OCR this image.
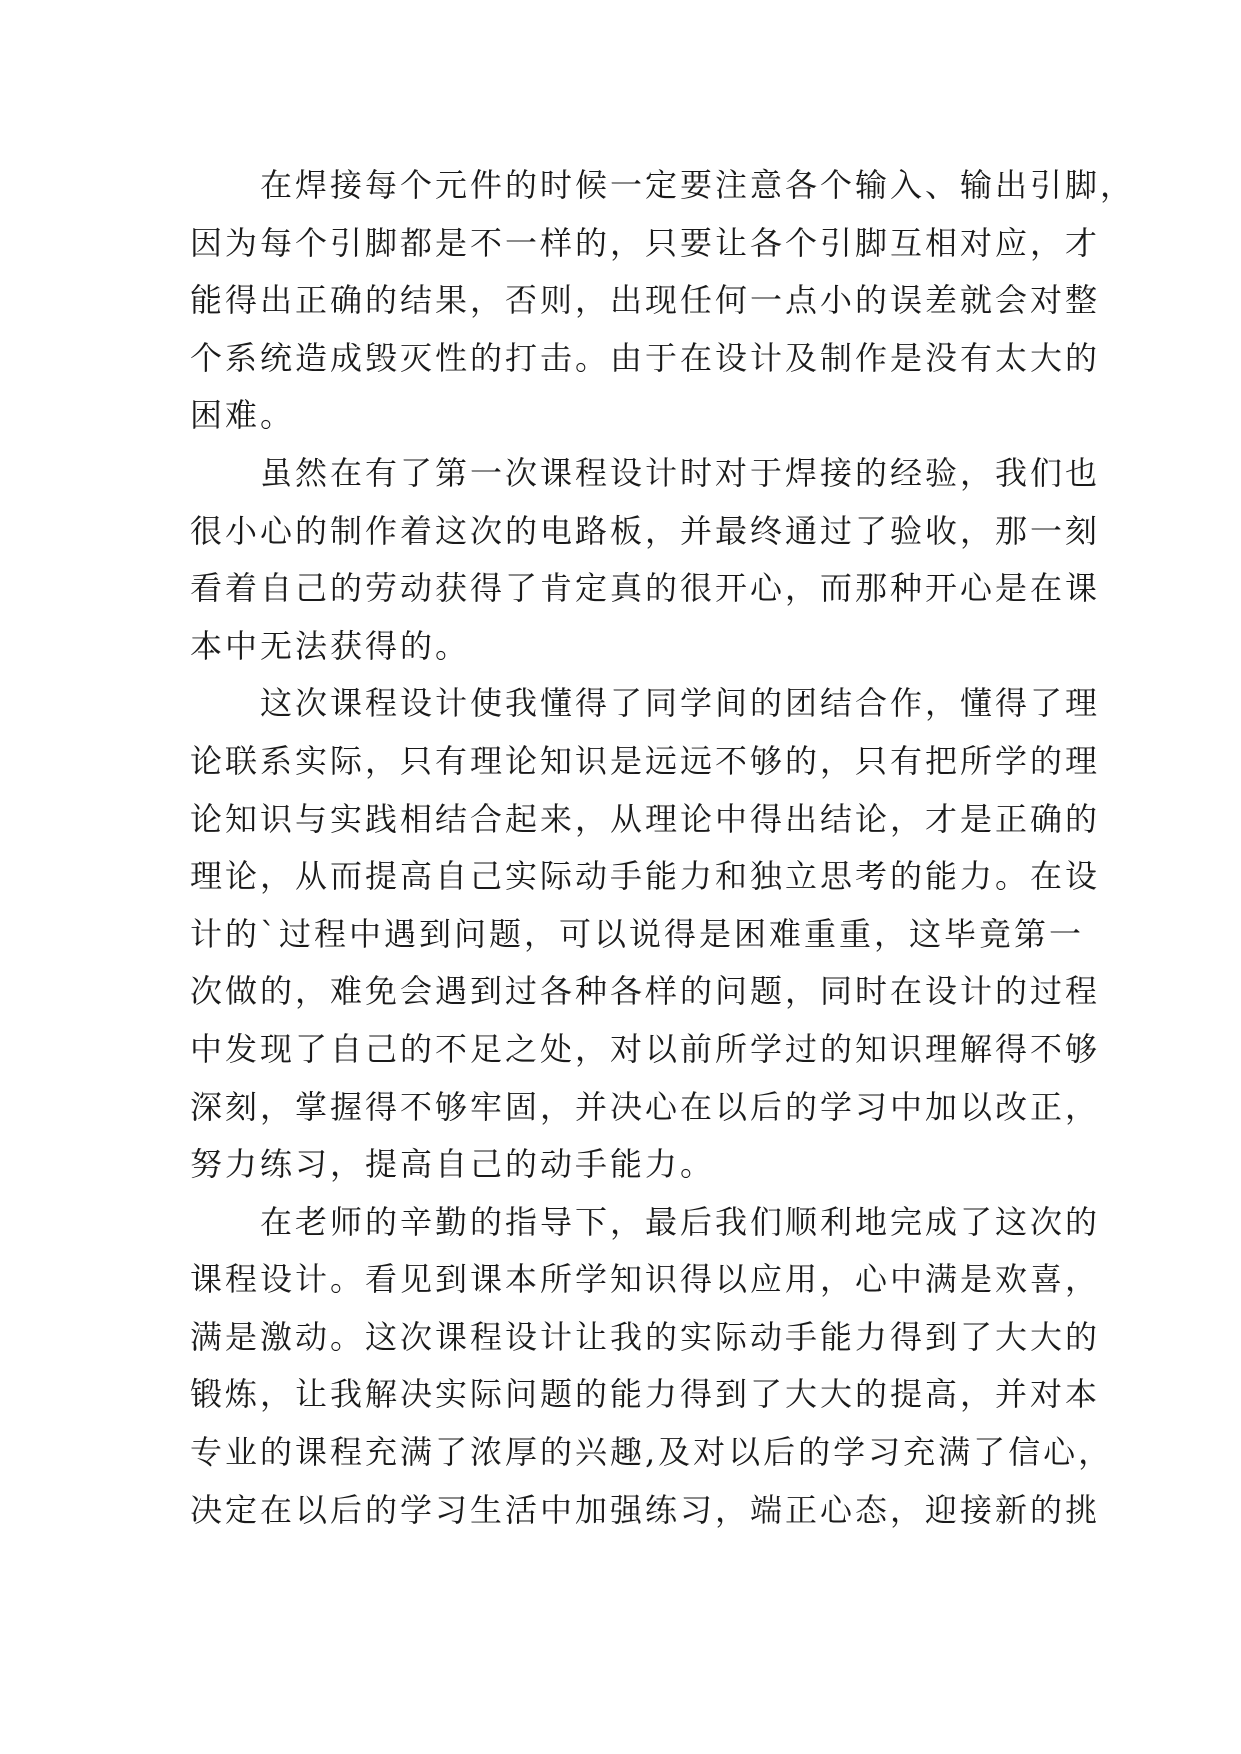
在焊接每个元件的时候一定要注意各个输入、输出引脚，
因为每个引脚都是不一样的，只要让各个引脚互相对应，才
能得出正确的结果，否则，出现任何一点小的误差就会对整
个系统造成毁灭性的打击。由于在设计及制作是没有太大的
困难。
虽然在有了第一次课程设计时对于焊接的经验，我们也
很小心的制作着这次的电路板，并最终通过了验收，那一刻
看着自己的劳动获得了肯定真的很开心，而那种开心是在课
本中无法获得的。
这次课程设计使我懂得了同学间的团结合作，懂得了理
论联系实际，只有理论知识是远远不够的，只有把所学的理
论知识与实践相结合起来，从理论中得出结论，才是正确的
理论，从而提高自己实际动手能力和独立思考的能力。在设
计的`过程中遇到问题，可以说得是困难重重，这毕竟第一
次做的，难免会遇到过各种各样的问题，同时在设计的过程
中发现了自己的不足之处，对以前所学过的知识理解得不够
深刻，掌握得不够牢固，并决心在以后的学习中加以改正，
努力练习，提高自己的动手能力。
在老师的辛勤的指导下，最后我们顺利地完成了这次的
课程设计。看见到课本所学知识得以应用，心中满是欢喜，
满是激动。这次课程设计让我的实际动手能力得到了大大的
锻炼，让我解决实际问题的能力得到了大大的提高，并对本
专业的课程充满了浓厚的兴趣,及对以后的学习充满了信心，
决定在以后的学习生活中加强练习，端正心态，迎接新的挑
